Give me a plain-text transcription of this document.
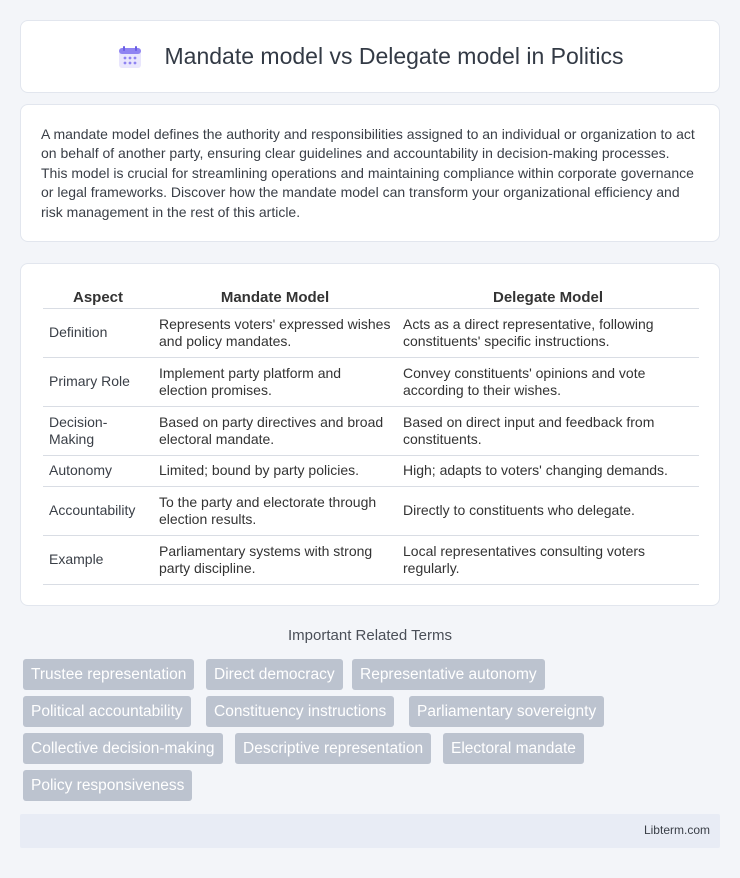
Mandate model vs Delegate model in Politics

A mandate model defines the authority and responsibilities assigned to an individual or organization to act on behalf of another party, ensuring clear guidelines and accountability in decision-making processes. This model is crucial for streamlining operations and maintaining compliance within corporate governance or legal frameworks. Discover how the mandate model can transform your organizational efficiency and risk management in the rest of this article.

Aspect	Mandate Model	Delegate Model
Definition	Represents voters' expressed wishes and policy mandates.	Acts as a direct representative, following constituents' specific instructions.
Primary Role	Implement party platform and election promises.	Convey constituents' opinions and vote according to their wishes.
Decision-Making	Based on party directives and broad electoral mandate.	Based on direct input and feedback from constituents.
Autonomy	Limited; bound by party policies.	High; adapts to voters' changing demands.
Accountability	To the party and electorate through election results.	Directly to constituents who delegate.
Example	Parliamentary systems with strong party discipline.	Local representatives consulting voters regularly.
Important Related Terms
Trustee representation	Direct democracy	Representative autonomy
Political accountability	Constituency instructions	Parliamentary sovereignty
Collective decision-making	Descriptive representation	Electoral mandate
Policy responsiveness
Libterm.com
